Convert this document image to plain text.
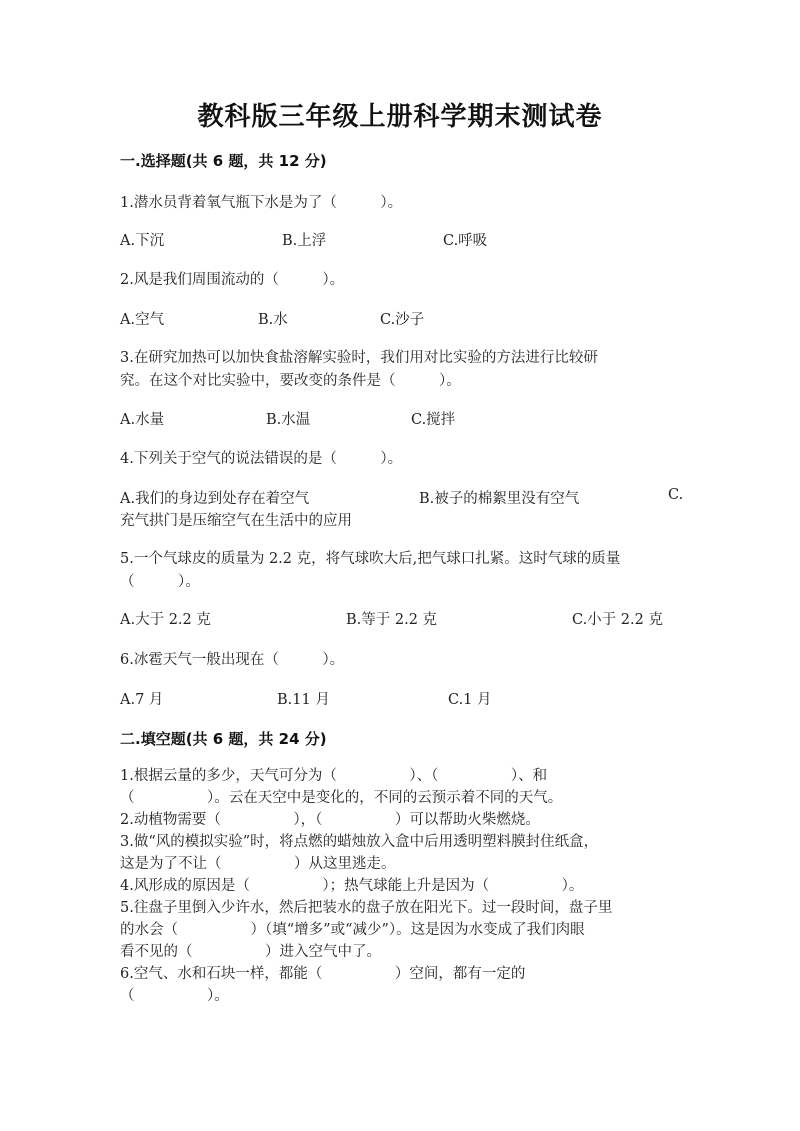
教科版三年级上册科学期末测试卷
一.选择题(共 6 题，共 12 分)
1.潜水员背着氧气瓶下水是为了（　　　）。
A.下沉	B.上浮	C.呼吸
2.风是我们周围流动的（　　　）。
A.空气	B.水	C.沙子
3.在研究加热可以加快食盐溶解实验时，我们用对比实验的方法进行比较研
究。在这个对比实验中，要改变的条件是（　　　）。
A.水量	B.水温	C.搅拌
4.下列关于空气的说法错误的是（　　　）。
A.我们的身边到处存在着空气	B.被子的棉絮里没有空气	C.
充气拱门是压缩空气在生活中的应用
5.一个气球皮的质量为 2.2 克，将气球吹大后,把气球口扎紧。这时气球的质量
（　　　）。
A.大于 2.2 克	B.等于 2.2 克	C.小于 2.2 克
6.冰雹天气一般出现在（　　　）。
A.7 月	B.11 月	C.1 月
二.填空题(共 6 题，共 24 分)
1.根据云量的多少，天气可分为（　　　　　）、（　　　　　）、和
（　　　　　）。云在天空中是变化的，不同的云预示着不同的天气。
2.动植物需要（　　　　　），（　　　　　）可以帮助火柴燃烧。
3.做“风的模拟实验”时，将点燃的蜡烛放入盒中后用透明塑料膜封住纸盒，
这是为了不让（　　　　　）从这里逃走。
4.风形成的原因是（　　　　　）；热气球能上升是因为（　　　　　）。
5.往盘子里倒入少许水，然后把装水的盘子放在阳光下。过一段时间，盘子里
的水会（　　　　　）（填“增多”或“减少”）。这是因为水变成了我们肉眼
看不见的（　　　　　）进入空气中了。
6.空气、水和石块一样，都能（　　　　　）空间，都有一定的
（　　　　　）。
